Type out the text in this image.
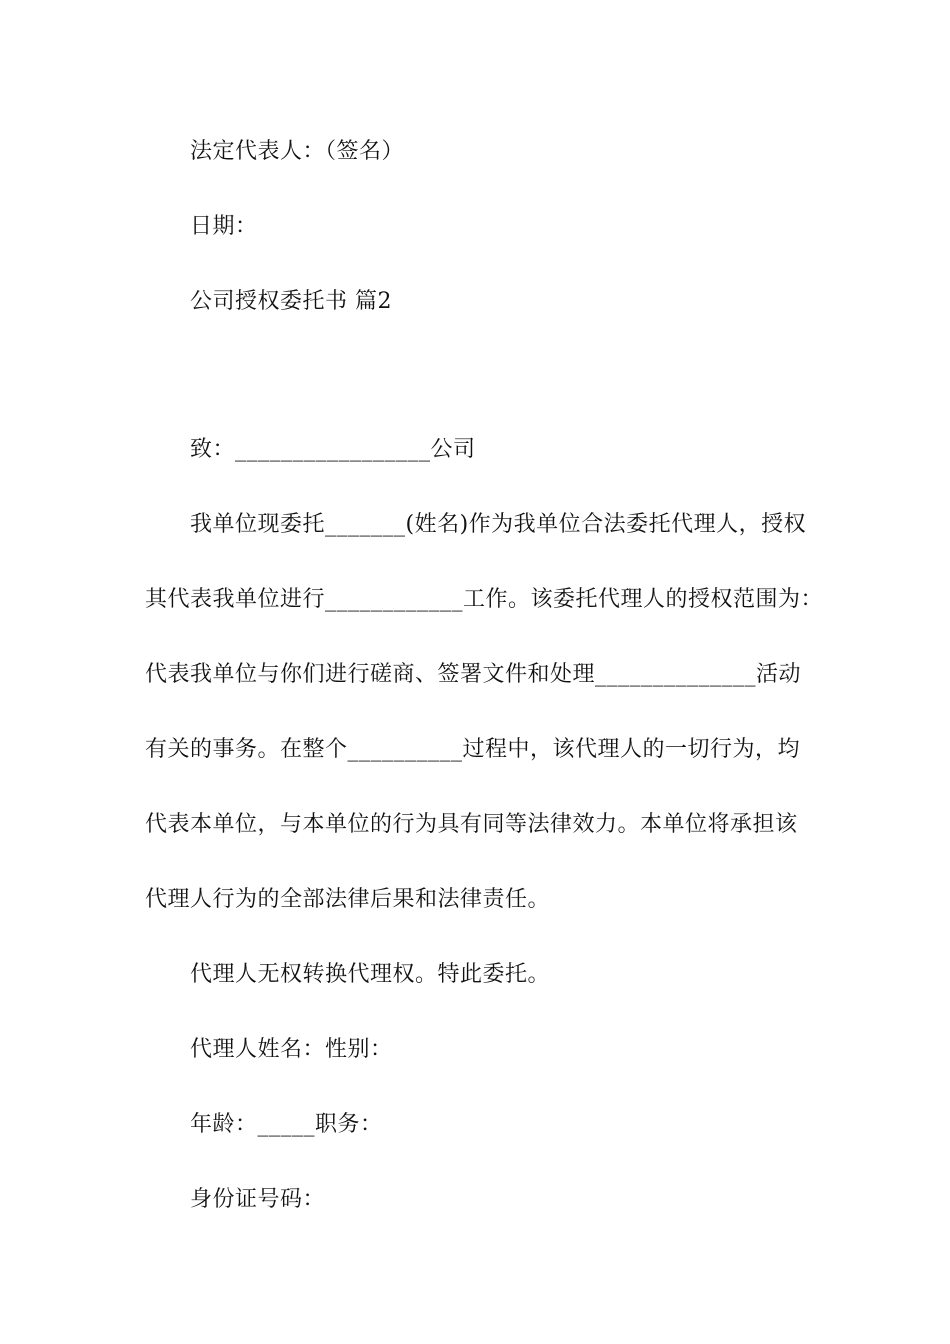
法定代表人：（签名）
日期：
公司授权委托书 篇2
致：_________________公司
我单位现委托_______(姓名)作为我单位合法委托代理人，授权
其代表我单位进行____________工作。该委托代理人的授权范围为：
代表我单位与你们进行磋商、签署文件和处理______________活动
有关的事务。在整个__________过程中，该代理人的一切行为，均
代表本单位，与本单位的行为具有同等法律效力。本单位将承担该
代理人行为的全部法律后果和法律责任。
代理人无权转换代理权。特此委托。
代理人姓名：性别：
年龄：_____职务：
身份证号码：
